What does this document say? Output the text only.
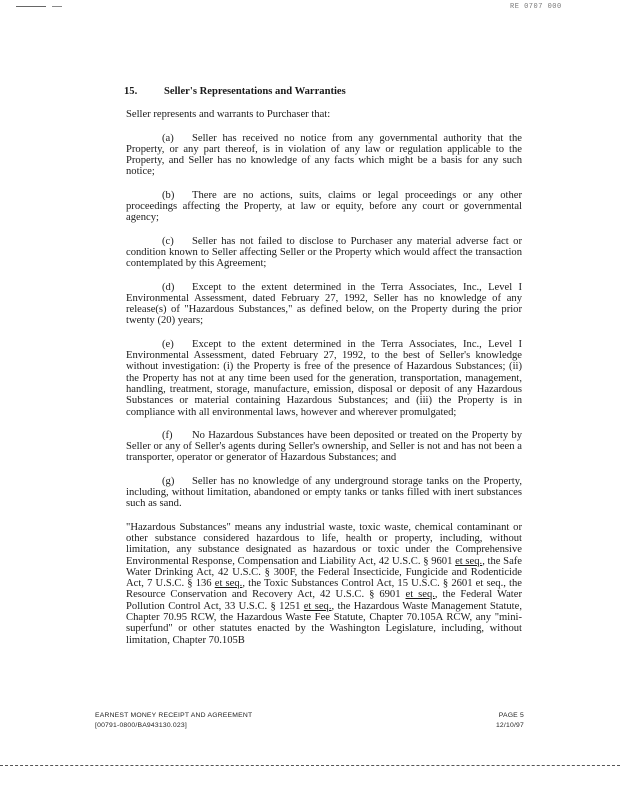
RE 0707 000
15.	Seller's Representations and Warranties
Seller represents and warrants to Purchaser that:
(a) Seller has received no notice from any governmental authority that the Property, or any part thereof, is in violation of any law or regulation applicable to the Property, and Seller has no knowledge of any facts which might be a basis for any such notice;
(b) There are no actions, suits, claims or legal proceedings or any other proceedings affecting the Property, at law or equity, before any court or governmental agency;
(c) Seller has not failed to disclose to Purchaser any material adverse fact or condition known to Seller affecting Seller or the Property which would affect the transaction contemplated by this Agreement;
(d) Except to the extent determined in the Terra Associates, Inc., Level I Environmental Assessment, dated February 27, 1992, Seller has no knowledge of any release(s) of "Hazardous Substances," as defined below, on the Property during the prior twenty (20) years;
(e) Except to the extent determined in the Terra Associates, Inc., Level I Environmental Assessment, dated February 27, 1992, to the best of Seller's knowledge without investigation: (i) the Property is free of the presence of Hazardous Substances; (ii) the Property has not at any time been used for the generation, transportation, management, handling, treatment, storage, manufacture, emission, disposal or deposit of any Hazardous Substances or material containing Hazardous Substances; and (iii) the Property is in compliance with all environmental laws, however and wherever promulgated;
(f) No Hazardous Substances have been deposited or treated on the Property by Seller or any of Seller's agents during Seller's ownership, and Seller is not and has not been a transporter, operator or generator of Hazardous Substances; and
(g) Seller has no knowledge of any underground storage tanks on the Property, including, without limitation, abandoned or empty tanks or tanks filled with inert substances such as sand.
"Hazardous Substances" means any industrial waste, toxic waste, chemical contaminant or other substance considered hazardous to life, health or property, including, without limitation, any substance designated as hazardous or toxic under the Comprehensive Environmental Response, Compensation and Liability Act, 42 U.S.C. § 9601 et seq., the Safe Water Drinking Act, 42 U.S.C. § 300F, the Federal Insecticide, Fungicide and Rodenticide Act, 7 U.S.C. § 136 et seq., the Toxic Substances Control Act, 15 U.S.C. § 2601 et seq., the Resource Conservation and Recovery Act, 42 U.S.C. § 6901 et seq., the Federal Water Pollution Control Act, 33 U.S.C. § 1251 et seq., the Hazardous Waste Management Statute, Chapter 70.95 RCW, the Hazardous Waste Fee Statute, Chapter 70.105A RCW, any "mini-superfund" or other statutes enacted by the Washington Legislature, including, without limitation, Chapter 70.105B
EARNEST MONEY RECEIPT AND AGREEMENT
[00791-0800/BA943130.023]
PAGE 5
12/10/97
